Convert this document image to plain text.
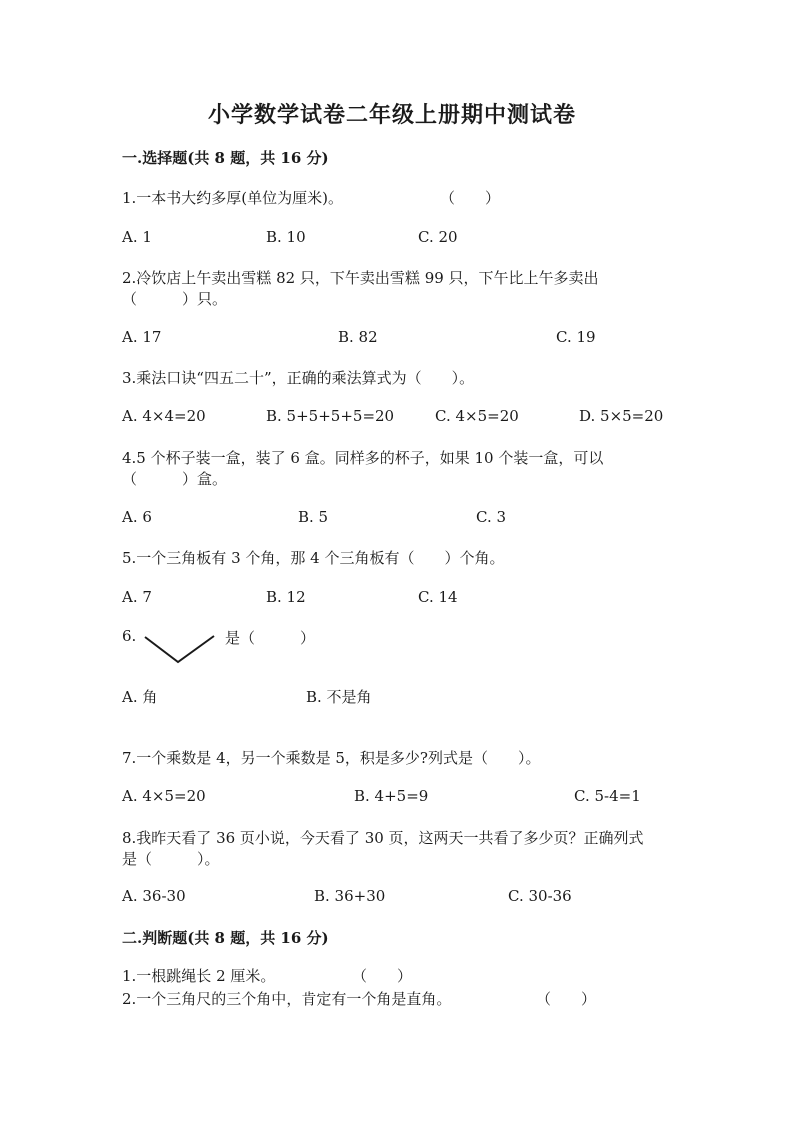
小学数学试卷二年级上册期中测试卷
一.选择题(共 8 题，共 16 分)
1.一本书大约多厚(单位为厘米)。	（　　）
A. 1	B. 10	C. 20
2.冷饮店上午卖出雪糕 82 只，下午卖出雪糕 99 只，下午比上午多卖出
（　　　）只。
A. 17	B. 82	C. 19
3.乘法口诀“四五二十”，正确的乘法算式为（　　）。
A. 4×4=20	B. 5+5+5+5=20	C. 4×5=20	D. 5×5=20
4.5 个杯子装一盒，装了 6 盒。同样多的杯子，如果 10 个装一盒，可以
（　　　）盒。
A. 6	B. 5	C. 3
5.一个三角板有 3 个角，那 4 个三角板有（　　）个角。
A. 7	B. 12	C. 14
6.	是（　　　）
A. 角	B. 不是角
7.一个乘数是 4，另一个乘数是 5，积是多少?列式是（　　）。
A. 4×5=20	B. 4+5=9	C. 5-4=1
8.我昨天看了 36 页小说，今天看了 30 页，这两天一共看了多少页？正确列式
是（　　　）。
A. 36-30	B. 36+30	C. 30-36
二.判断题(共 8 题，共 16 分)
1.一根跳绳长 2 厘米。	（　　）
2.一个三角尺的三个角中，肯定有一个角是直角。	（　　）
